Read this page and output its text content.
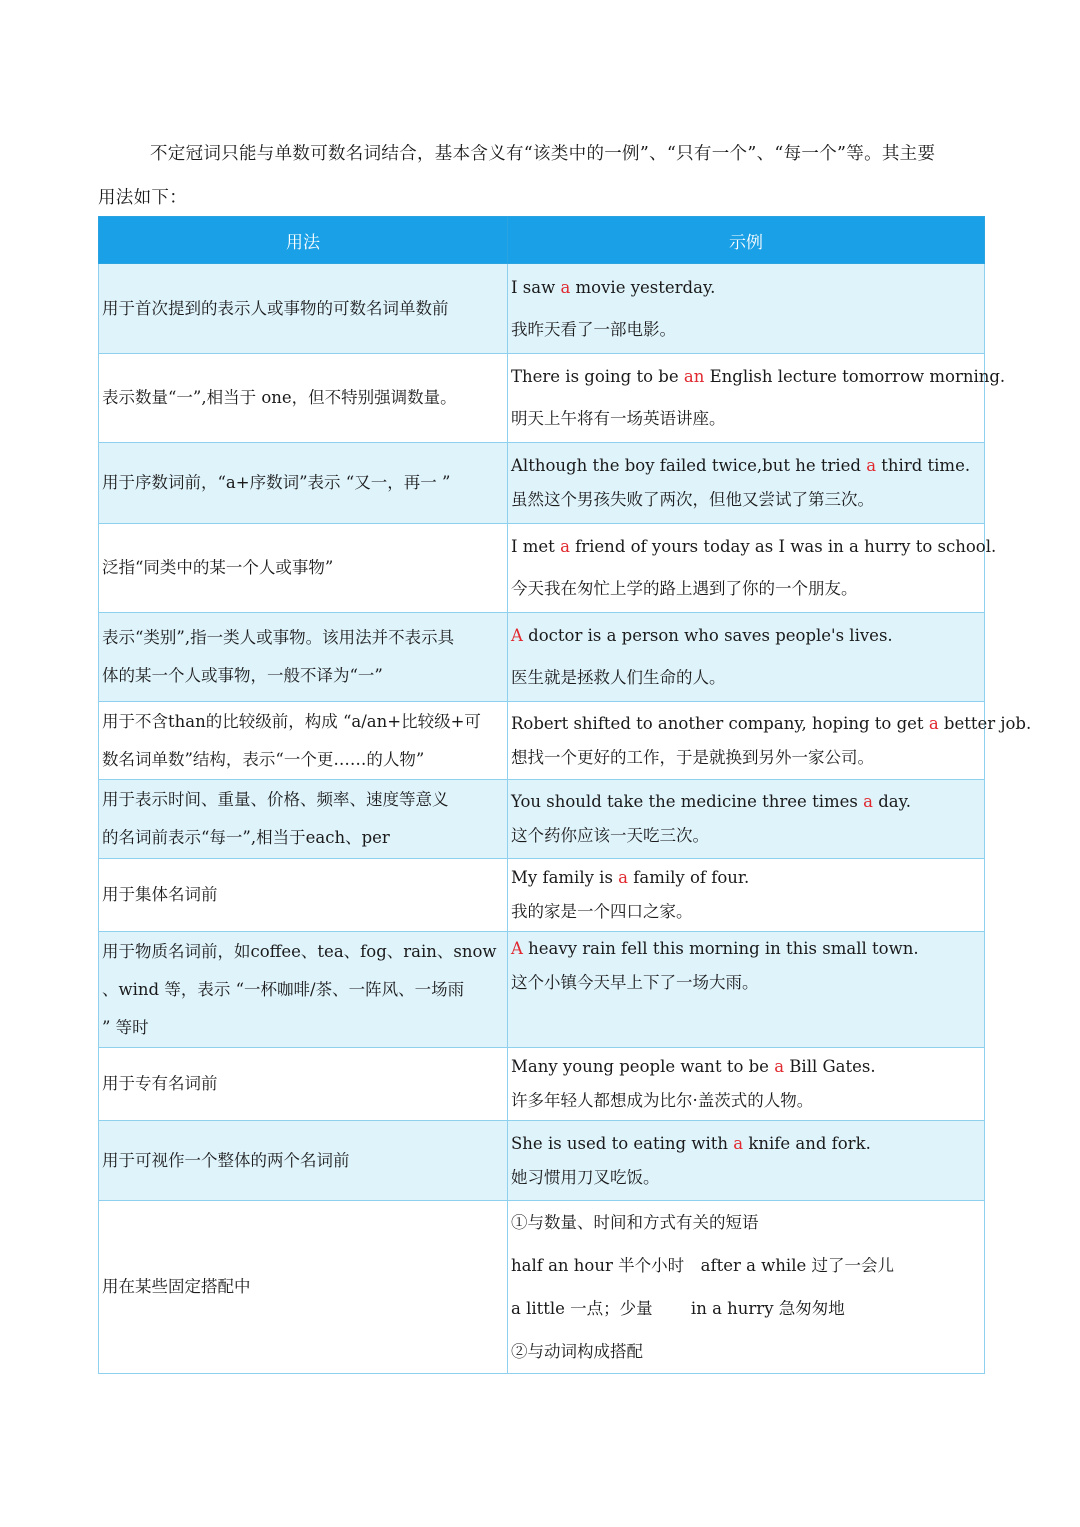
不定冠词只能与单数可数名词结合，基本含义有“该类中的一例”、“只有一个”、“每一个”等。其主要
用法如下：
用法	示例

用于首次提到的表示人或事物的可数名词单数前	I saw a movie yesterday.
我昨天看了一部电影。

表示数量“一”,相当于 one，但不特别强调数量。	There is going to be an English lecture tomorrow morning.
明天上午将有一场英语讲座。

用于序数词前，“a+序数词”表示 “又一，再一 ”	Although the boy failed twice,but he tried a third time.
虽然这个男孩失败了两次，但他又尝试了第三次。

泛指“同类中的某一个人或事物”	I met a friend of yours today as I was in a hurry to school.
今天我在匆忙上学的路上遇到了你的一个朋友。

表示“类别”,指一类人或事物。该用法并不表示具
体的某一个人或事物，一般不译为“一”	A doctor is a person who saves people's lives.
医生就是拯救人们生命的人。

用于不含than的比较级前，构成 “a/an+比较级+可
数名词单数”结构，表示“一个更……的人物”	Robert shifted to another company, hoping to get a better job.
想找一个更好的工作，于是就换到另外一家公司。

用于表示时间、重量、价格、频率、速度等意义
的名词前表示“每一”,相当于each、per	You should take the medicine three times a day.
这个药你应该一天吃三次。

用于集体名词前	My family is a family of four.
我的家是一个四口之家。

用于物质名词前，如coffee、tea、fog、rain、snow
、wind 等，表示 “一杯咖啡/茶、一阵风、一场雨
” 等时	A heavy rain fell this morning in this small town.
这个小镇今天早上下了一场大雨。

用于专有名词前	Many young people want to be a Bill Gates.
许多年轻人都想成为比尔·盖茨式的人物。

用于可视作一个整体的两个名词前	She is used to eating with a knife and fork.
她习惯用刀叉吃饭。

用在某些固定搭配中	①与数量、时间和方式有关的短语
half an hour 半个小时　after a while 过了一会儿
a little 一点；少量　　 in a hurry 急匆匆地
②与动词构成搭配
